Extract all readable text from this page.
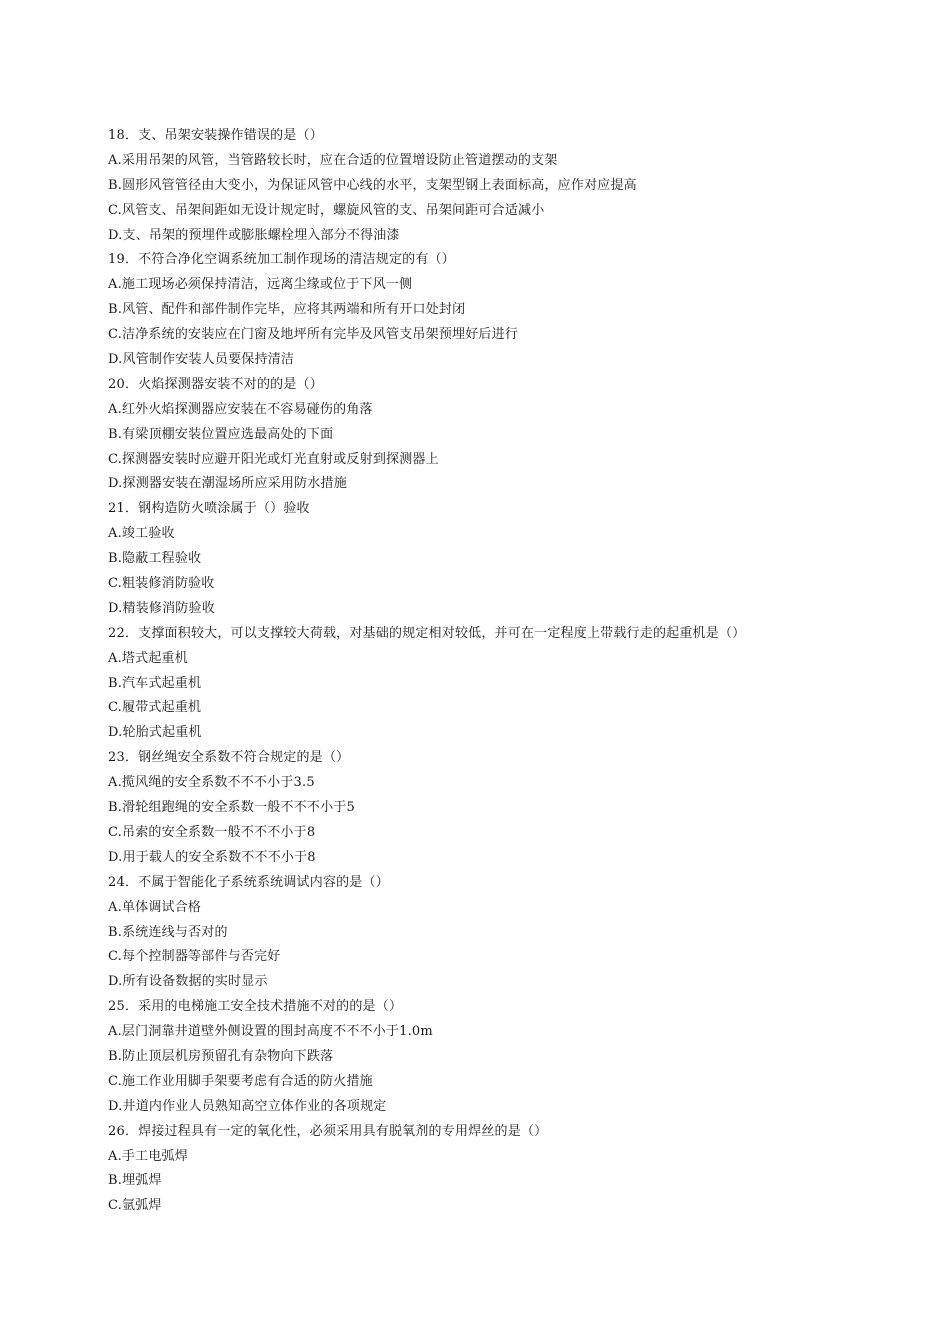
18．支、吊架安装操作错误的是（）
A.采用吊架的风管，当管路较长时，应在合适的位置增设防止管道摆动的支架
B.圆形风管管径由大变小，为保证风管中心线的水平，支架型钢上表面标高，应作对应提高
C.风管支、吊架间距如无设计规定时，螺旋风管的支、吊架间距可合适减小
D.支、吊架的预埋件或膨胀螺栓埋入部分不得油漆
19．不符合净化空调系统加工制作现场的清洁规定的有（）
A.施工现场必须保持清洁，远离尘缘或位于下风一侧
B.风管、配件和部件制作完毕，应将其两端和所有开口处封闭
C.洁净系统的安装应在门窗及地坪所有完毕及风管支吊架预埋好后进行
D.风管制作安装人员要保持清洁
20．火焰探测器安装不对的的是（）
A.红外火焰探测器应安装在不容易碰伤的角落
B.有梁顶棚安装位置应选最高处的下面
C.探测器安装时应避开阳光或灯光直射或反射到探测器上
D.探测器安装在潮湿场所应采用防水措施
21．钢构造防火喷涂属于（）验收
A.竣工验收
B.隐蔽工程验收
C.粗装修消防验收
D.精装修消防验收
22．支撑面积较大，可以支撑较大荷载，对基础的规定相对较低，并可在一定程度上带载行走的起重机是（）
A.塔式起重机
B.汽车式起重机
C.履带式起重机
D.轮胎式起重机
23．钢丝绳安全系数不符合规定的是（）
A.揽风绳的安全系数不不不小于3.5
B.滑轮组跑绳的安全系数一般不不不小于5
C.吊索的安全系数一般不不不小于8
D.用于载人的安全系数不不不小于8
24．不属于智能化子系统系统调试内容的是（）
A.单体调试合格
B.系统连线与否对的
C.每个控制器等部件与否完好
D.所有设备数据的实时显示
25．采用的电梯施工安全技术措施不对的的是（）
A.层门洞靠井道壁外侧设置的围封高度不不不小于1.0m
B.防止顶层机房预留孔有杂物向下跌落
C.施工作业用脚手架要考虑有合适的防火措施
D.井道内作业人员熟知高空立体作业的各项规定
26．焊接过程具有一定的氧化性，必须采用具有脱氧剂的专用焊丝的是（）
A.手工电弧焊
B.埋弧焊
C.氩弧焊
